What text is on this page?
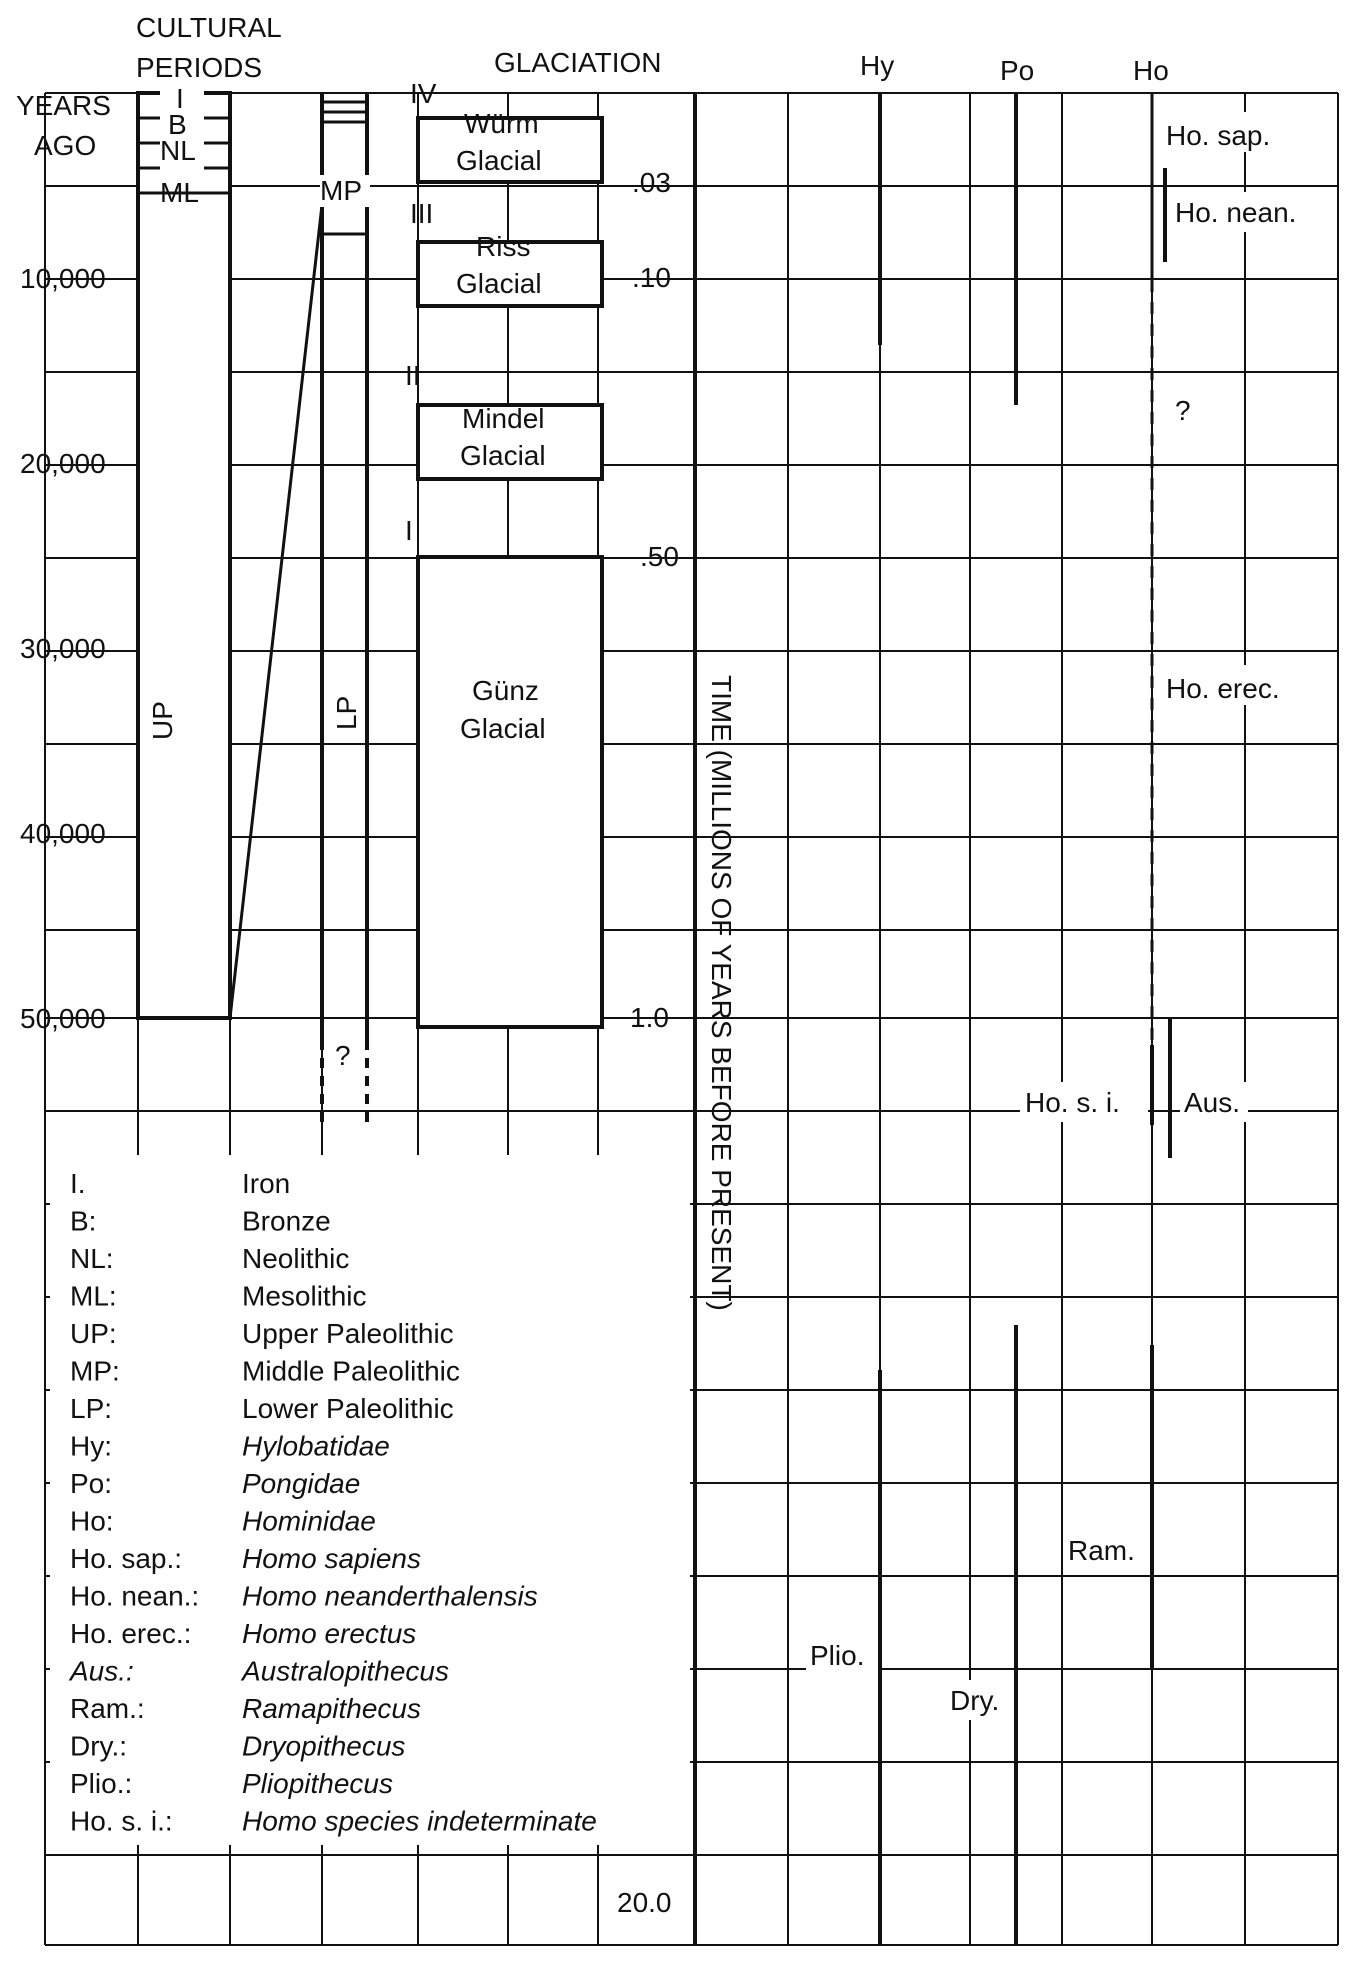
CULTURAL
PERIODS	GLACIATION
YEARS
AGO
Hy	Po	Ho
10,000
20,000
30,000
40,000
50,000
.03
.10
.50
1.0
20.0
TIME (MILLIONS OF YEARS BEFORE PRESENT)
I
B
NL
ML	MP
UP	LP
?
IV
III
II
I
Würm
Glacial
Riss
Glacial
Mindel
Glacial
Günz
Glacial
Ho. sap.
Ho. nean.
?
Ho. erec.
Ho. s. i. Aus.
Ram.
Plio.
Dry.
I.	Iron
B:	Bronze
NL:	Neolithic
ML:	Mesolithic
UP:	Upper Paleolithic
MP:	Middle Paleolithic
LP:	Lower Paleolithic
Hy:	Hylobatidae
Po:	Pongidae
Ho:	Hominidae
Ho. sap.: Homo sapiens
Ho. nean.: Homo neanderthalensis
Ho. erec.: Homo erectus
Aus.:	Australopithecus
Ram.:	Ramapithecus
Dry.:	Dryopithecus
Plio.:	Pliopithecus
Ho. s. i.: Homo species indeterminate
